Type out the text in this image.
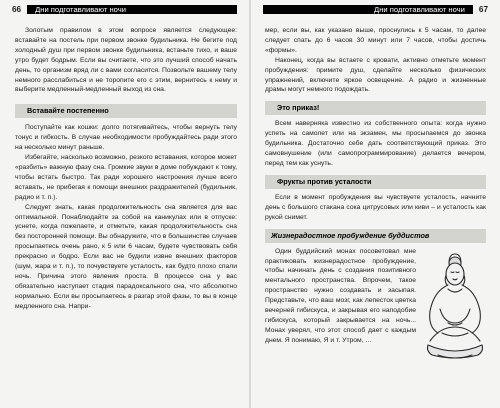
66	Дни подготавливают ночи

Золотым правилом в этом вопросе является следующее: вставайте на постель при первом звонке будильника. Не бегите под холодный душ при первом звонке будильника, встаньте тихо, и ваше утро будет бодрым. Если вы считаете, что это лучший способ начать день, то организм вряд ли с вами согласится. Позвольте вашему телу немного расслабиться и не торопите его с этим, вернитесь к нему и выберите медленный-медленный выход из сна.

Вставайте постепенно

Поступайте как кошки: долго потягивайтесь, чтобы вернуть телу тонус и гибкость. В случае необходимости пробуждайтесь ради этого на несколько минут раньше.

Избегайте, насколько возможно, резкого вставания, которое может «разбить» важную фазу сна. Громкие звуки в доме побуждают к тому, чтобы встать быстро. Так ради хорошего настроения лучше всего вставать, не прибегая к помощи внешних раздражителей (будильник, радио и т. п.).

Следует знать, какая продолжительность сна является для вас оптимальной. Понаблюдайте за собой на каникулах или в отпуске: уснете, когда пожелаете, и отметьте, какая продолжительность сна без посторонней помощи. Вы обнаружите, что в большинстве случаев просыпаетесь очень рано, к 5 или 6 часам, будете чувствовать себя прекрасно и бодро. Если вас не будили извне внешних факторов (шум, жара и т. п.), то почувствуете усталость, как будто плохо спали ночь. Причина этого явления проста. В процессе сна у вас обязательно наступает стадия парадоксального сна, что абсолютно нормально. Если вы просыпаетесь в разгар этой фазы, то вы в конце медленного сна. Напри-

Дни подготавливают ночи	67

мер, если вы, как указано выше, проснулись к 5 часам, то далее следует спать до 6 часов 30 минут или 7 часов, чтобы достичь «формы».

Наконец, когда вы встаете с кровати, активно отметьте момент пробуждения: примите душ, сделайте несколько физических упражнений, включите яркое освещение. А радио и жизненные драмы могут немного подождать.

Это приказ!

Всем наверняка известно из собственного опыта: когда нужно успеть на самолет или на экзамен, мы просыпаемся до звонка будильника. Достаточно себе дать соответствующий приказ. Это самовнушение (или самопрограммирование) делается вечером, перед тем как уснуть.

Фрукты против усталости

Если в момент пробуждения вы чувствуете усталость, начните день с большого стакана сока цитрусовых или киви – и усталость как рукой снимет.

Жизнерадостное пробуждение буддистов

Один буддийский монах посоветовал мне практиковать жизнерадостное пробуждение, чтобы начинать день с создания позитивного ментального пространства. Впрочем, такое пространство нужно создавать и засыпая. Представьте, что ваш мозг, как лепесток цветка вечерней гибискуса, и закрывая его наподобие гибискуса, который закрывается на ночь... Монах уверял, что этот способ дает с каждым днем. Я понимаю, Я и т. Утром, ...
